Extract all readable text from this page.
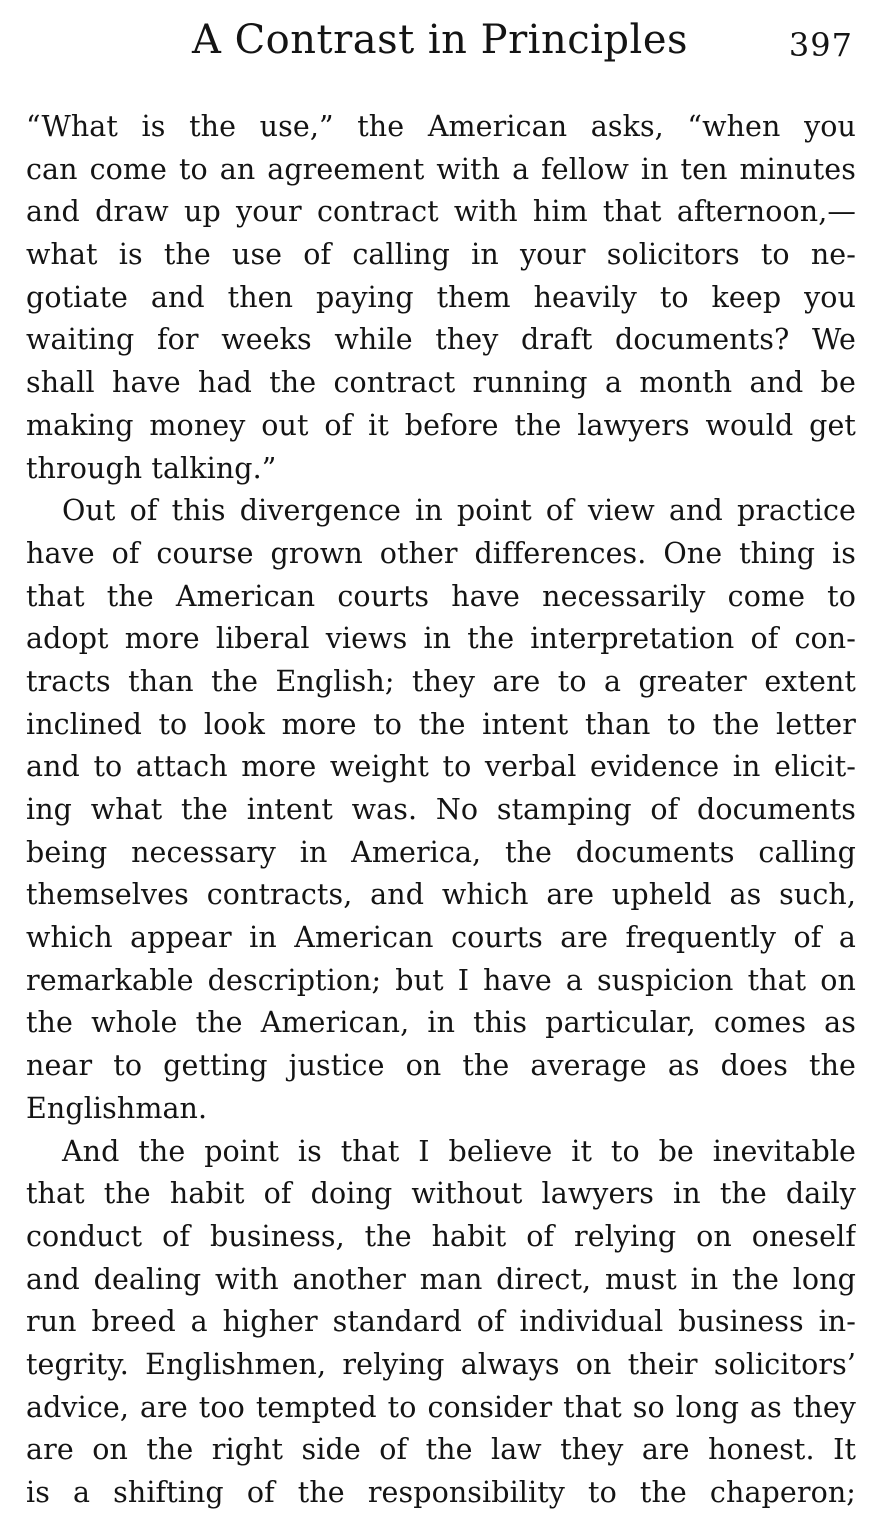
A Contrast in Principles	397
“What is the use,” the American asks, “when you
can come to an agreement with a fellow in ten minutes
and draw up your contract with him that afternoon,—
what is the use of calling in your solicitors to ne-
gotiate and then paying them heavily to keep you
waiting for weeks while they draft documents? We
shall have had the contract running a month and be
making money out of it before the lawyers would get
through talking.”
Out of this divergence in point of view and practice
have of course grown other differences. One thing is
that the American courts have necessarily come to
adopt more liberal views in the interpretation of con-
tracts than the English; they are to a greater extent
inclined to look more to the intent than to the letter
and to attach more weight to verbal evidence in elicit-
ing what the intent was. No stamping of documents
being necessary in America, the documents calling
themselves contracts, and which are upheld as such,
which appear in American courts are frequently of a
remarkable description; but I have a suspicion that on
the whole the American, in this particular, comes as
near to getting justice on the average as does the
Englishman.
And the point is that I believe it to be inevitable
that the habit of doing without lawyers in the daily
conduct of business, the habit of relying on oneself
and dealing with another man direct, must in the long
run breed a higher standard of individual business in-
tegrity. Englishmen, relying always on their solicitors’
advice, are too tempted to consider that so long as they
are on the right side of the law they are honest. It
is a shifting of the responsibility to the chaperon;
